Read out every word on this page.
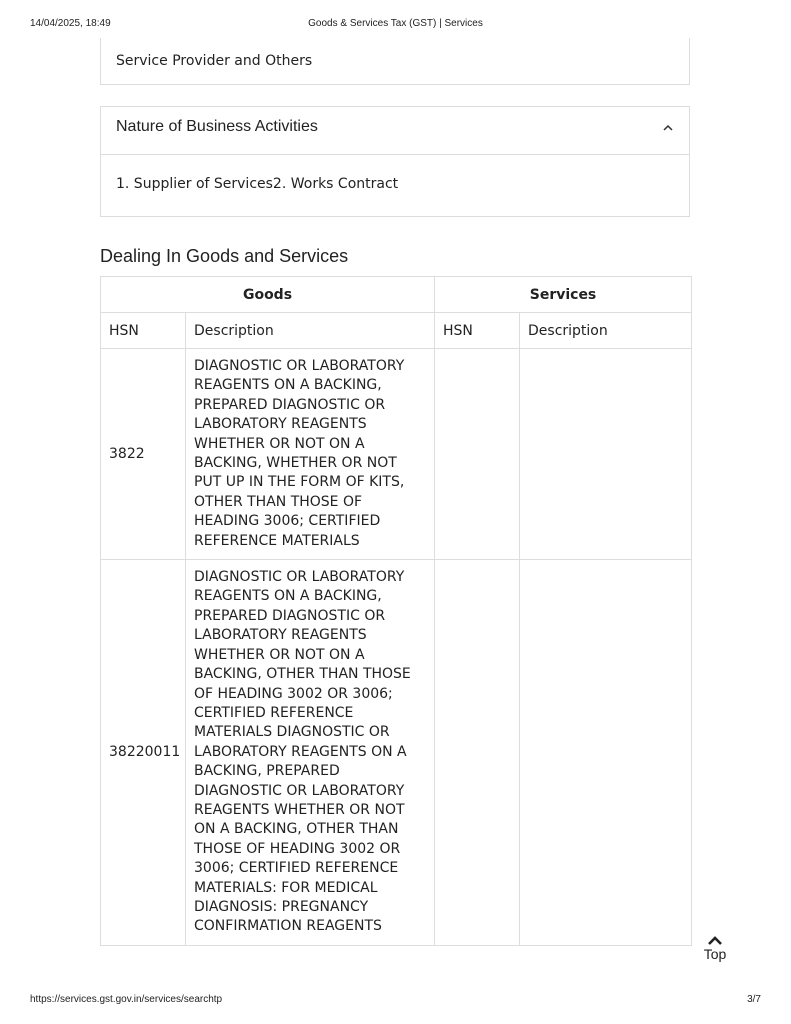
14/04/2025, 18:49	Goods & Services Tax (GST) | Services
Service Provider and Others
Nature of Business Activities
1. Supplier of Services2. Works Contract
Dealing In Goods and Services
Goods		Services	
HSN	Description	HSN	Description
3822	DIAGNOSTIC OR LABORATORY REAGENTS ON A BACKING, PREPARED DIAGNOSTIC OR LABORATORY REAGENTS WHETHER OR NOT ON A BACKING, WHETHER OR NOT PUT UP IN THE FORM OF KITS, OTHER THAN THOSE OF HEADING 3006; CERTIFIED REFERENCE MATERIALS		
38220011	DIAGNOSTIC OR LABORATORY REAGENTS ON A BACKING, PREPARED DIAGNOSTIC OR LABORATORY REAGENTS WHETHER OR NOT ON A BACKING, OTHER THAN THOSE OF HEADING 3002 OR 3006; CERTIFIED REFERENCE MATERIALS DIAGNOSTIC OR LABORATORY REAGENTS ON A BACKING, PREPARED DIAGNOSTIC OR LABORATORY REAGENTS WHETHER OR NOT ON A BACKING, OTHER THAN THOSE OF HEADING 3002 OR 3006; CERTIFIED REFERENCE MATERIALS: FOR MEDICAL DIAGNOSIS: PREGNANCY CONFIRMATION REAGENTS		
Top
https://services.gst.gov.in/services/searchtp	3/7
